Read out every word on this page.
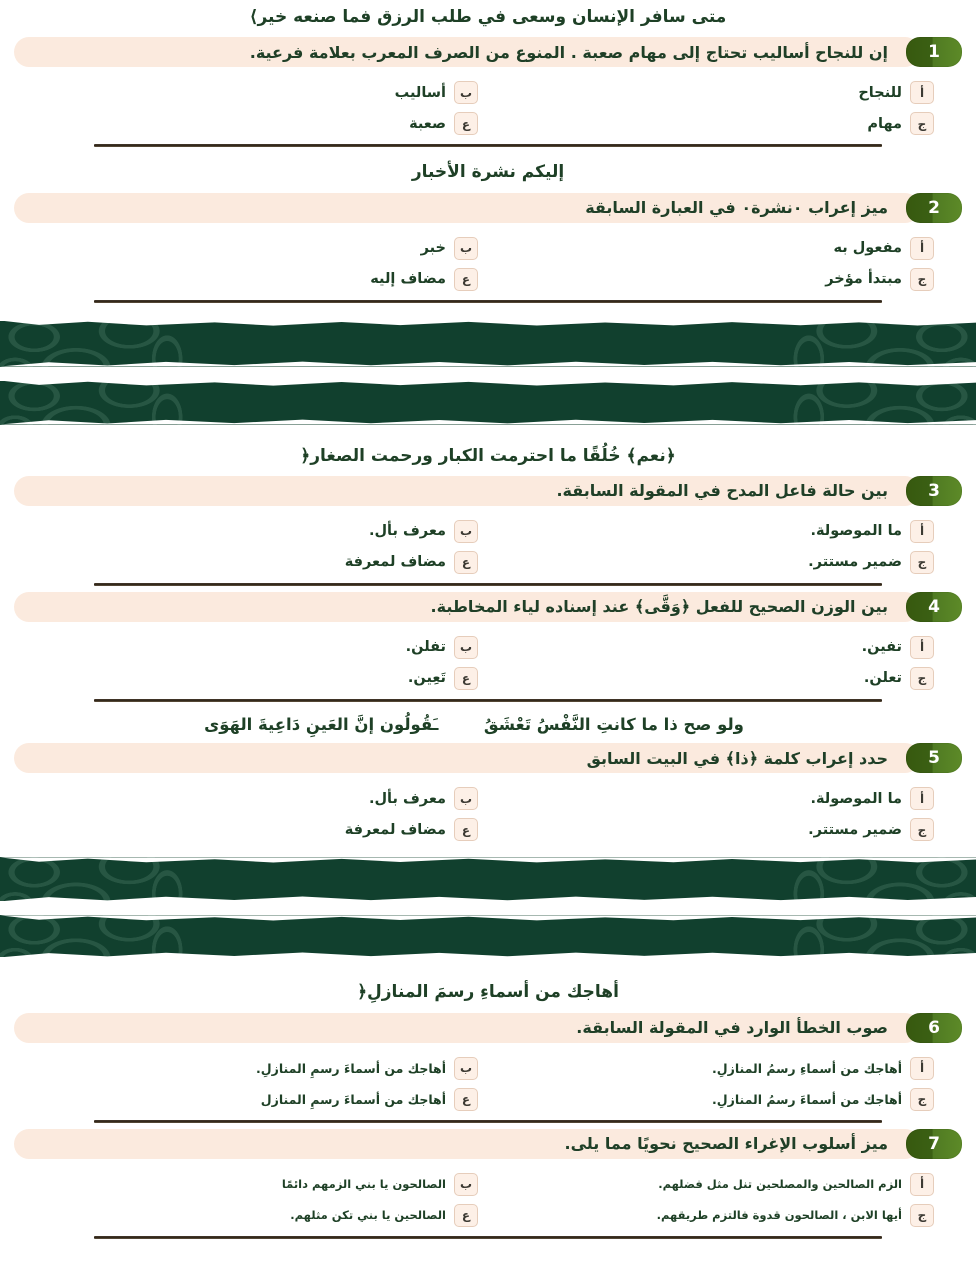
متى سافر الإنسان وسعى في طلب الرزق فما صنعه خير⟩
1
إن للنجاح أساليب تحتاج إلى مهام صعبة . المنوع من الصرف المعرب بعلامة فرعية.
أ
للنجاح
ب
أساليب
ج
مهام
ع
صعبة
إليكم نشرة الأخبار
2
ميز إعراب ٠نشرة٠ في العبارة السابقة
أ
مفعول به
ب
خبر
ج
مبتدأ مؤخر
ع
مضاف إليه
﴿نعم﴾ خُلُقًا ما احترمت الكبار ورحمت الصغار﴿
3
بين حالة فاعل المدح في المقولة السابقة.
أ
ما الموصولة.
ب
معرف بأل.
ج
ضمير مستتر.
ع
مضاف لمعرفة
4
بين الوزن الصحيح للفعل ﴿وَقَّى﴾ عند إسناده لياء المخاطبة.
أ
تفين.
ب
تفلن.
ج
تعلن.
ع
تَعِين.
ولو صح ذا ما كانتِ النَّفْسُ تَعْشَقُ  ـَقُولُون إنَّ العَينِ دَاعِيةَ الهَوَى
5
حدد إعراب كلمة ﴿ذا﴾ في البيت السابق
أ
ما الموصولة.
ب
معرف بأل.
ج
ضمير مستتر.
ع
مضاف لمعرفة
أهاجك من أسماءِ رسمَ المنازلِ﴿
6
صوب الخطأ الوارد في المقولة السابقة.
أ
أهاجك من أسماءِ رسمُ المنازلِ.
ب
أهاجك من أسماءَ رسمِ المنازلِ.
ج
أهاجك من أسماءَ رسمُ المنازلِ.
ع
أهاجك من أسماءَ رسمِ المنازل
7
ميز أسلوب الإغراء الصحيح نحويًا مما يلى.
أ
الزم الصالحين والمصلحين تنل مثل فضلهم.
ب
الصالحون يا بني الزمهم دائمًا
ج
أيها الابن ، الصالحون قدوة فالتزم طريقهم.
ع
الصالحين يا بني تكن مثلهم.
